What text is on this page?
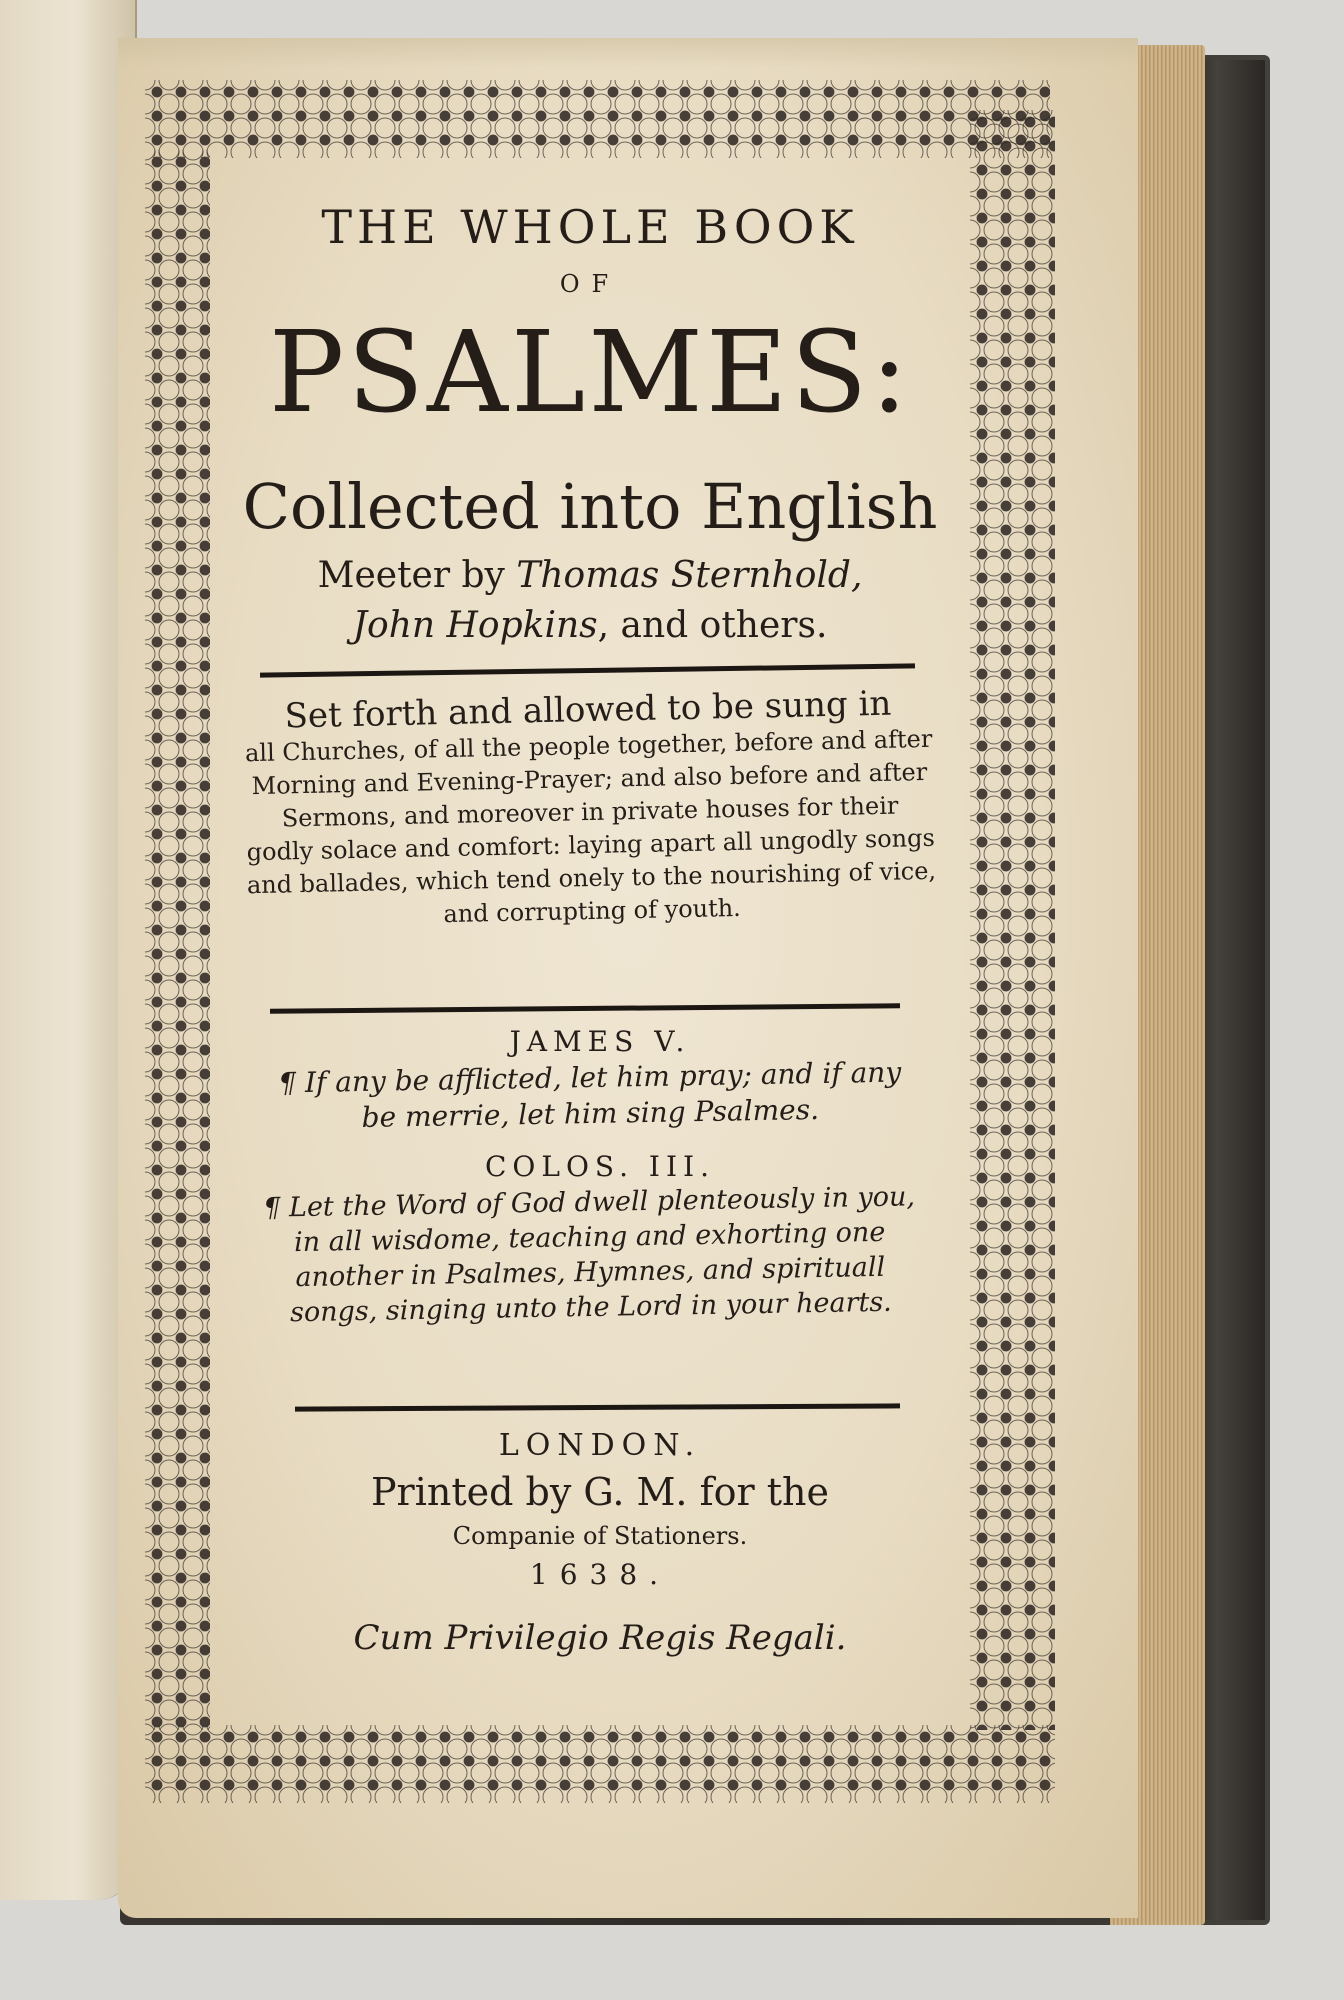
THE WHOLE BOOK
OF
PSALMES:
Collected into English
Meeter by Thomas Sternhold,
John Hopkins, and others.
Set forth and allowed to be sung in
all Churches, of all the people together, before and after Morning and Evening-Prayer; and also before and after Sermons, and moreover in private houses for their godly solace and comfort: laying apart all ungodly songs and ballades, which tend onely to the nourishing of vice, and corrupting of youth.
JAMES V.
¶ If any be afflicted, let him pray; and if any be merrie, let him sing Psalmes.
COLOS. III.
¶ Let the Word of God dwell plenteously in you, in all wisdome, teaching and exhorting one another in Psalmes, Hymnes, and spirituall songs, singing unto the Lord in your hearts.
LONDON.
Printed by G. M. for the
Companie of Stationers.
1638.
Cum Privilegio Regis Regali.
